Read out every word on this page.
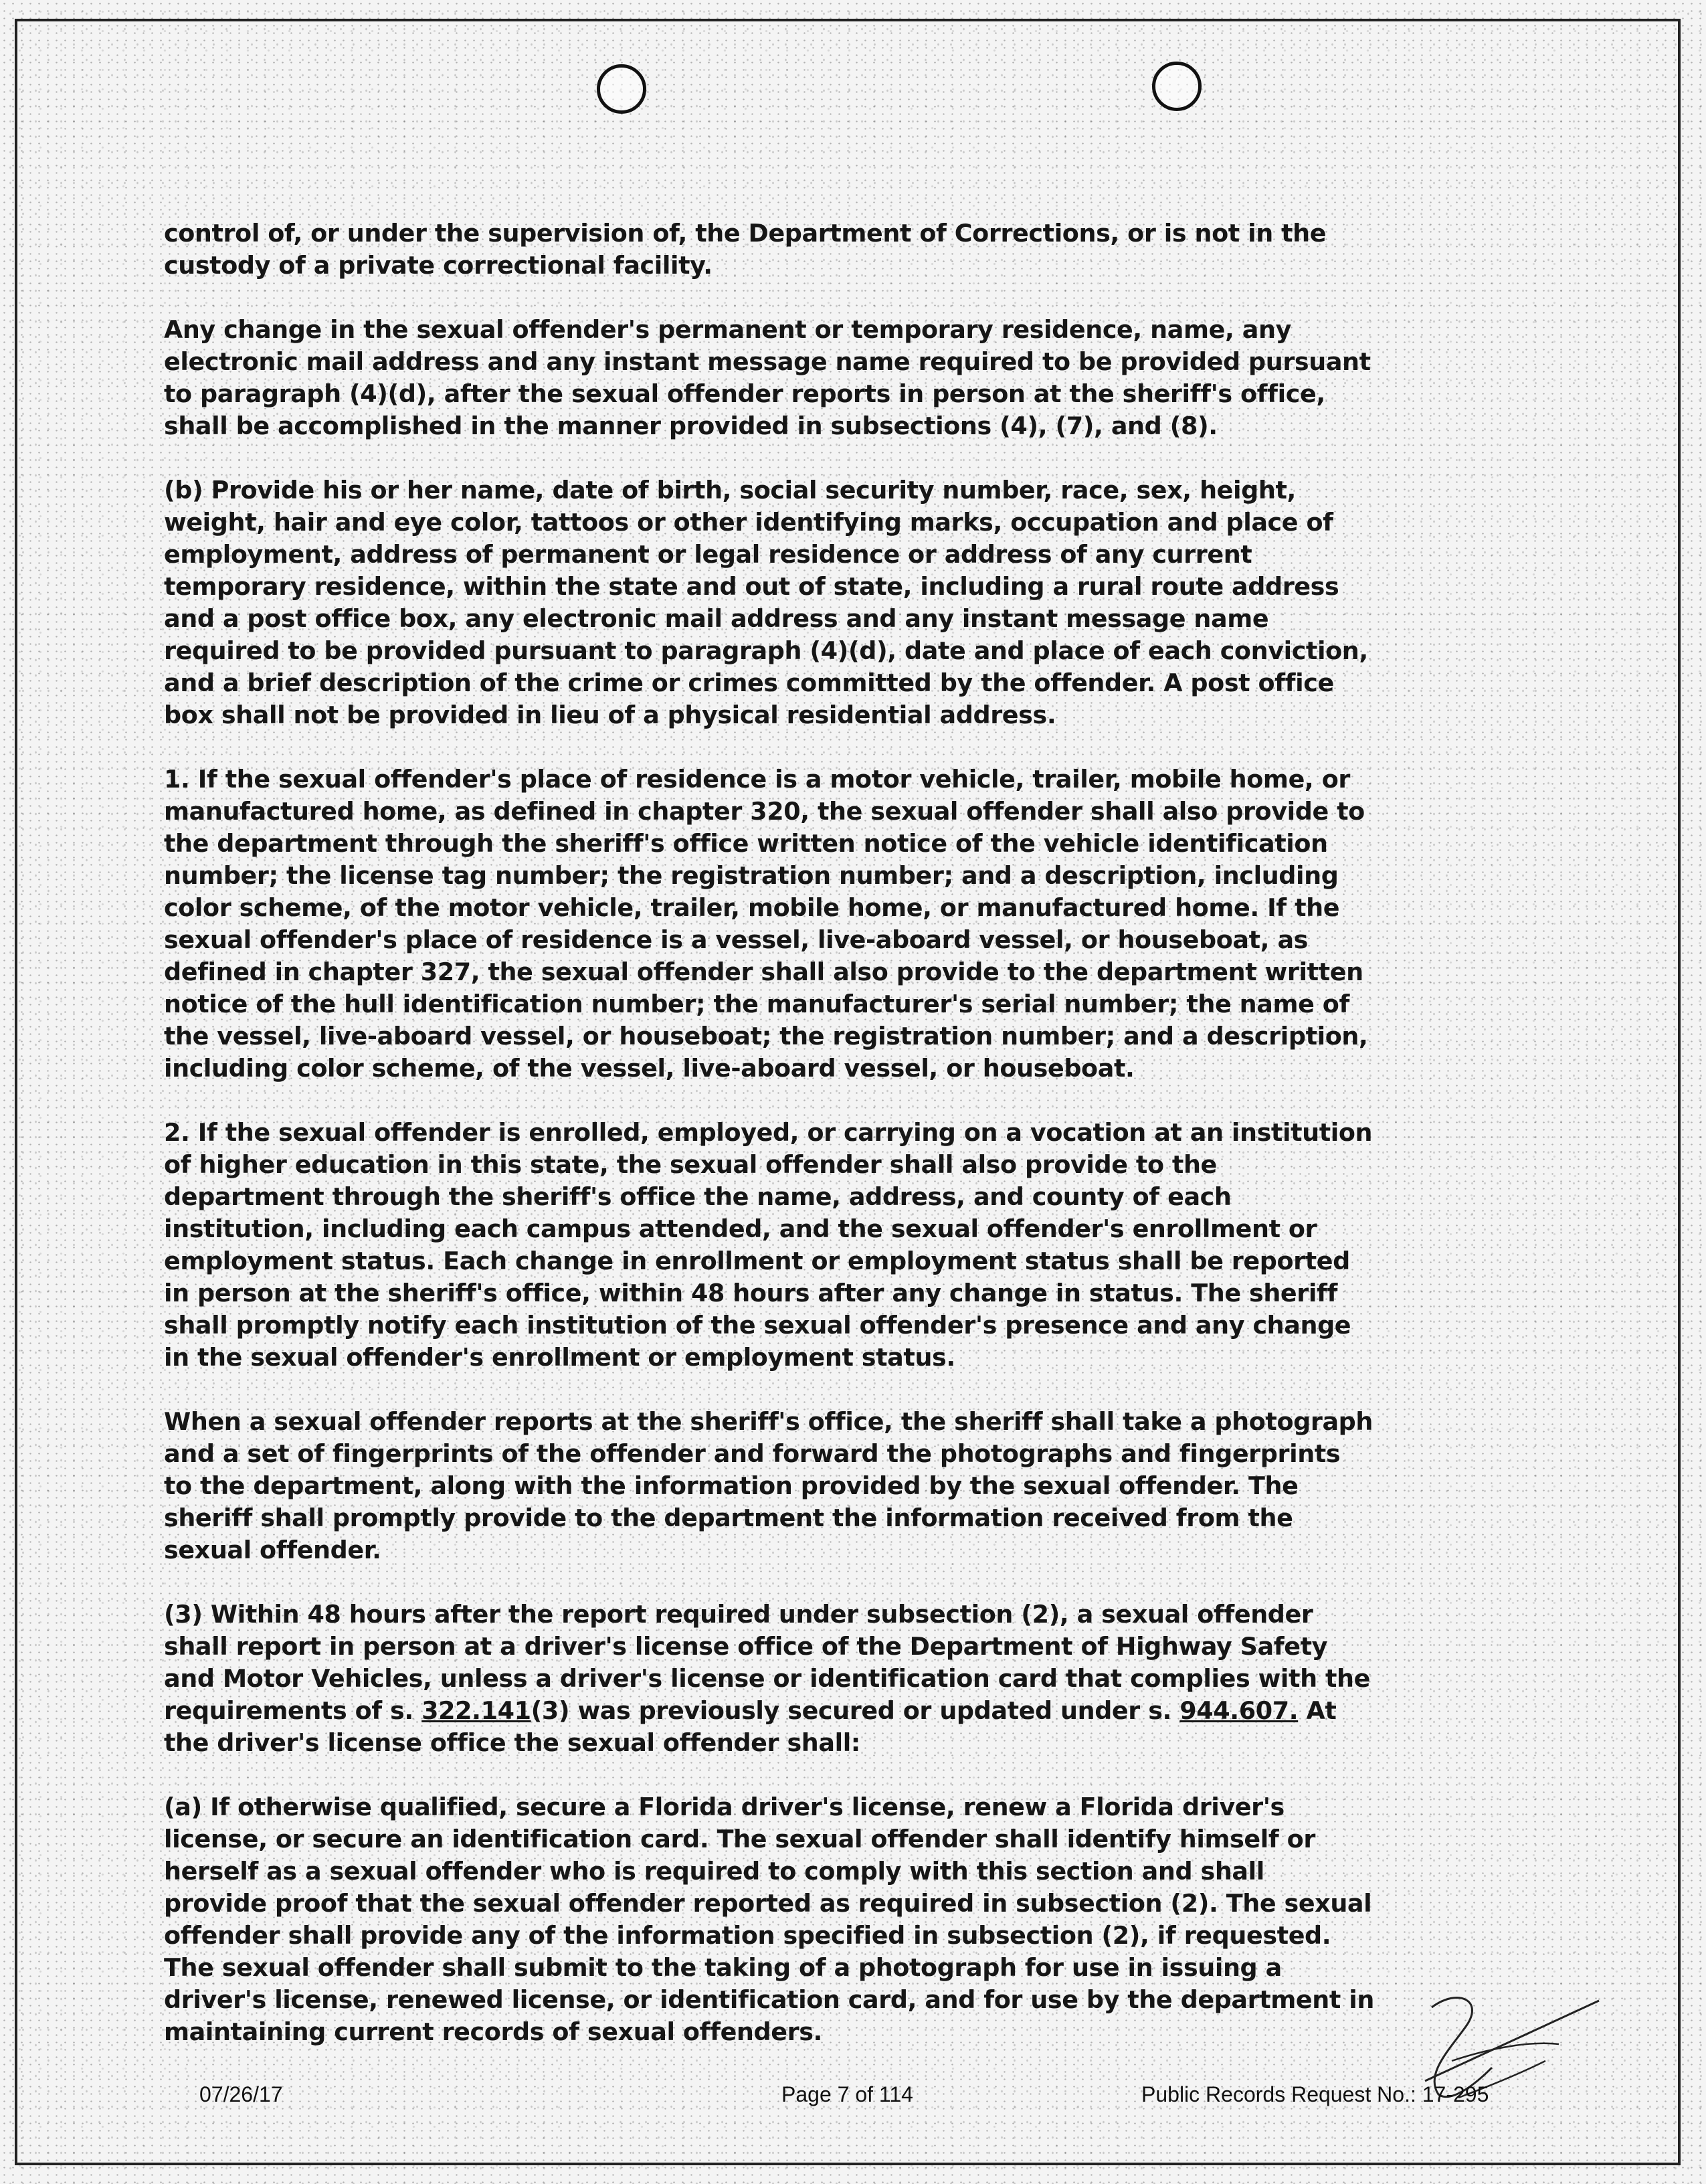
control of, or under the supervision of, the Department of Corrections, or is not in the custody of a private correctional facility.

Any change in the sexual offender's permanent or temporary residence, name, any electronic mail address and any instant message name required to be provided pursuant to paragraph (4)(d), after the sexual offender reports in person at the sheriff's office, shall be accomplished in the manner provided in subsections (4), (7), and (8).

(b) Provide his or her name, date of birth, social security number, race, sex, height, weight, hair and eye color, tattoos or other identifying marks, occupation and place of employment, address of permanent or legal residence or address of any current temporary residence, within the state and out of state, including a rural route address and a post office box, any electronic mail address and any instant message name required to be provided pursuant to paragraph (4)(d), date and place of each conviction, and a brief description of the crime or crimes committed by the offender. A post office box shall not be provided in lieu of a physical residential address.

1. If the sexual offender's place of residence is a motor vehicle, trailer, mobile home, or manufactured home, as defined in chapter 320, the sexual offender shall also provide to the department through the sheriff's office written notice of the vehicle identification number; the license tag number; the registration number; and a description, including color scheme, of the motor vehicle, trailer, mobile home, or manufactured home. If the sexual offender's place of residence is a vessel, live-aboard vessel, or houseboat, as defined in chapter 327, the sexual offender shall also provide to the department written notice of the hull identification number; the manufacturer's serial number; the name of the vessel, live-aboard vessel, or houseboat; the registration number; and a description, including color scheme, of the vessel, live-aboard vessel, or houseboat.

2. If the sexual offender is enrolled, employed, or carrying on a vocation at an institution of higher education in this state, the sexual offender shall also provide to the department through the sheriff's office the name, address, and county of each institution, including each campus attended, and the sexual offender's enrollment or employment status. Each change in enrollment or employment status shall be reported in person at the sheriff's office, within 48 hours after any change in status. The sheriff shall promptly notify each institution of the sexual offender's presence and any change in the sexual offender's enrollment or employment status.

When a sexual offender reports at the sheriff's office, the sheriff shall take a photograph and a set of fingerprints of the offender and forward the photographs and fingerprints to the department, along with the information provided by the sexual offender. The sheriff shall promptly provide to the department the information received from the sexual offender.

(3) Within 48 hours after the report required under subsection (2), a sexual offender shall report in person at a driver's license office of the Department of Highway Safety and Motor Vehicles, unless a driver's license or identification card that complies with the requirements of s. 322.141(3) was previously secured or updated under s. 944.607. At the driver's license office the sexual offender shall:

(a) If otherwise qualified, secure a Florida driver's license, renew a Florida driver's license, or secure an identification card. The sexual offender shall identify himself or herself as a sexual offender who is required to comply with this section and shall provide proof that the sexual offender reported as required in subsection (2). The sexual offender shall provide any of the information specified in subsection (2), if requested. The sexual offender shall submit to the taking of a photograph for use in issuing a driver's license, renewed license, or identification card, and for use by the department in maintaining current records of sexual offenders.

07/26/17	Page 7 of 114	Public Records Request No.: 17-295
